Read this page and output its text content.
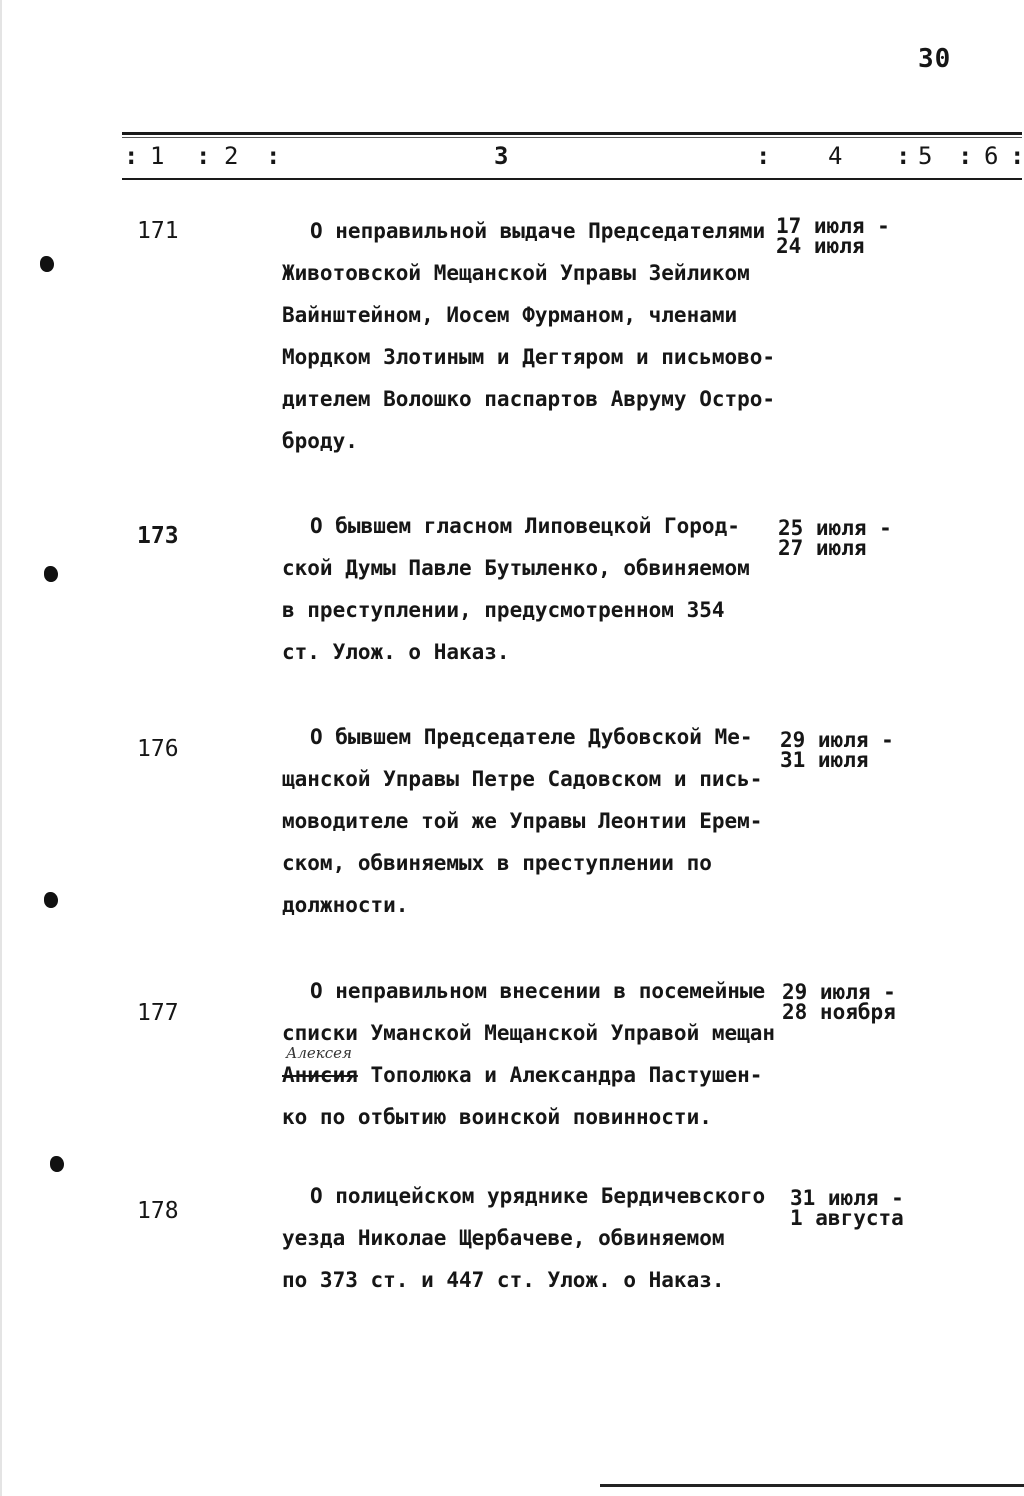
30
: 1 : 2 :	3	: 4 : 5 : 6 :
171	О неправильной выдаче Председателями
Животовской Мещанской Управы Зейликом
Вайнштейном, Иосем Фурманом, членами
Мордком Злотиным и Дегтяром и письмово-
дителем Волошко паспартов Авруму Остро-
броду.
17 июля -
24 июля
173	О бывшем гласном Липовецкой Город-
ской Думы Павле Бутыленко, обвиняемом
в преступлении, предусмотренном 354
ст. Улож. о Наказ.
25 июля -
27 июля
176	О бывшем Председателе Дубовской Ме-
щанской Управы Петре Садовском и пись-
моводителе той же Управы Леонтии Ерем-
ском, обвиняемых в преступлении по
должности.
29 июля -
31 июля
177
О неправильном внесении в посемейные
списки Уманской Мещанской Управой мещан
Анисия Тополюка и Александра Пастушен-
ко по отбытию воинской повинности.
Алексея
29 июля -
28 ноября
178
О полицейском уряднике Бердичевского
уезда Николае Щербачеве, обвиняемом
по 373 ст. и 447 ст. Улож. о Наказ.
31 июля -
1 августа
